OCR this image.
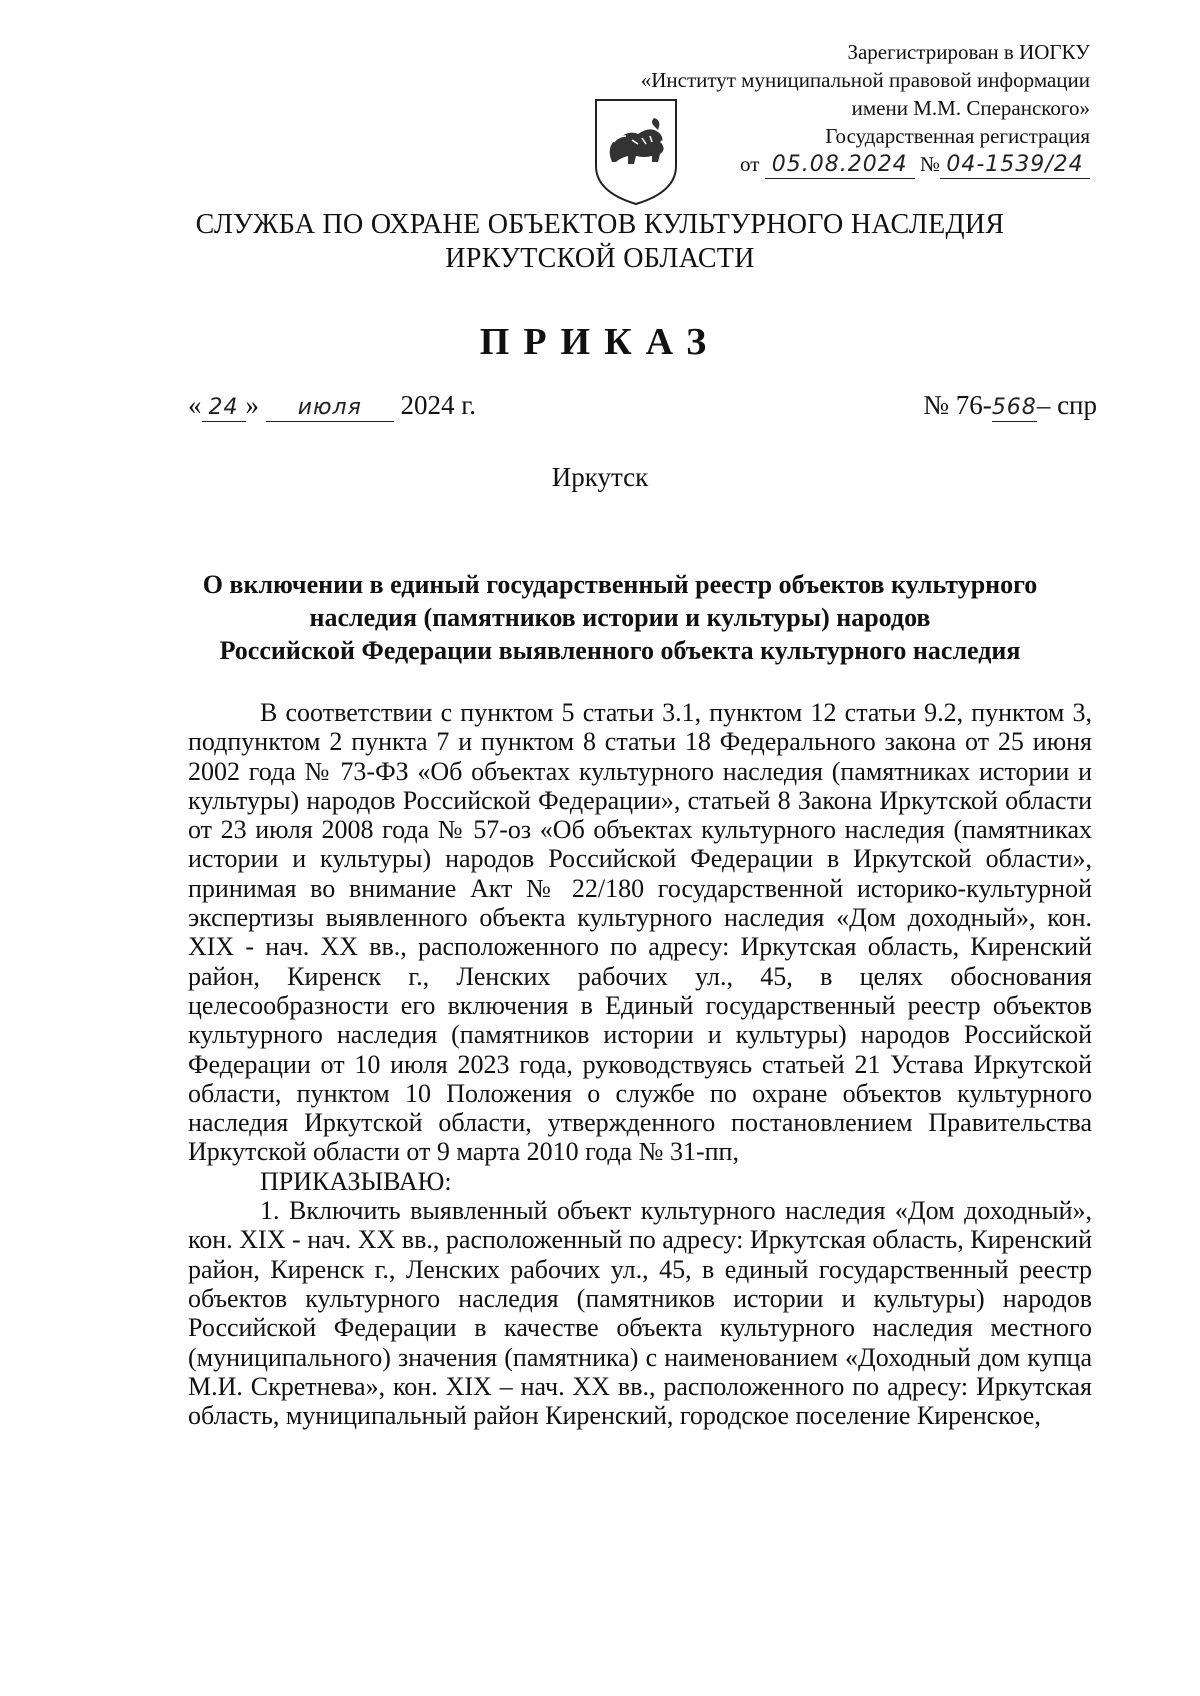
Зарегистрирован в ИОГКУ
«Институт муниципальной правовой информации
имени М.М. Сперанского»
Государственная регистрация
от 05.08.2024 № 04-1539/24
СЛУЖБА ПО ОХРАНЕ ОБЪЕКТОВ КУЛЬТУРНОГО НАСЛЕДИЯ
ИРКУТСКОЙ ОБЛАСТИ
ПРИКАЗ
« 24 » июля 2024 г.	№ 76-568– спр
Иркутск
О включении в единый государственный реестр объектов культурного
наследия (памятников истории и культуры) народов
Российской Федерации выявленного объекта культурного наследия

В соответствии с пунктом 5 статьи 3.1, пунктом 12 статьи 9.2, пунктом 3, подпунктом 2 пункта 7 и пунктом 8 статьи 18 Федерального закона от 25 июня 2002 года № 73-ФЗ «Об объектах культурного наследия (памятниках истории и культуры) народов Российской Федерации», статьей 8 Закона Иркутской области от 23 июля 2008 года № 57-оз «Об объектах культурного наследия (памятниках истории и культуры) народов Российской Федерации в Иркутской области», принимая во внимание Акт № 22/180 государственной историко-культурной экспертизы выявленного объекта культурного наследия «Дом доходный», кон. XIX - нач. XX вв., расположенного по адресу: Иркутская область, Киренский район, Киренск г., Ленских рабочих ул., 45, в целях обоснования целесообразности его включения в Единый государственный реестр объектов культурного наследия (памятников истории и культуры) народов Российской Федерации от 10 июля 2023 года, руководствуясь статьей 21 Устава Иркутской области, пунктом 10 Положения о службе по охране объектов культурного наследия Иркутской области, утвержденного постановлением Правительства Иркутской области от 9 марта 2010 года № 31-пп,

ПРИКАЗЫВАЮ:

1. Включить выявленный объект культурного наследия «Дом доходный», кон. XIX - нач. XX вв., расположенный по адресу: Иркутская область, Киренский район, Киренск г., Ленских рабочих ул., 45, в единый государственный реестр объектов культурного наследия (памятников истории и культуры) народов Российской Федерации в качестве объекта культурного наследия местного (муниципального) значения (памятника) с наименованием «Доходный дом купца М.И. Скретнева», кон. XIX – нач. XX вв., расположенного по адресу: Иркутская область, муниципальный район Киренский, городское поселение Киренское,
